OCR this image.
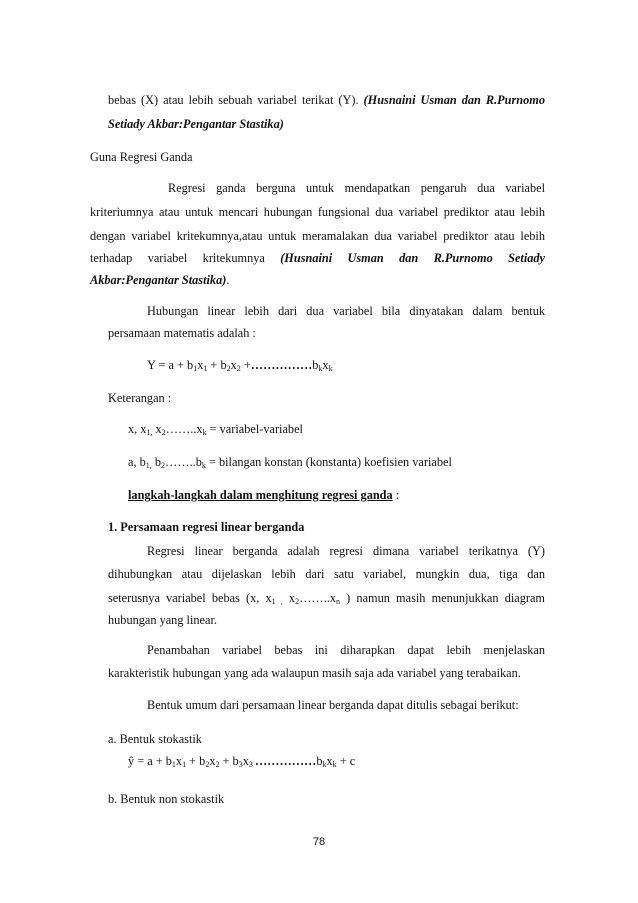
bebas (X) atau lebih sebuah variabel terikat (Y). (Husnaini Usman dan R.Purnomo
Setiady Akbar:Pengantar Stastika)
Guna Regresi Ganda
Regresi ganda berguna untuk mendapatkan pengaruh dua variabel
kriteriumnya atau untuk mencari hubungan fungsional dua variabel prediktor atau lebih
dengan variabel kritekumnya,atau untuk meramalakan dua variabel prediktor atau lebih
terhadap variabel kritekumnya (Husnaini Usman dan R.Purnomo Setiady
Akbar:Pengantar Stastika).
Hubungan linear lebih dari dua variabel bila dinyatakan dalam bentuk
persamaan matematis adalah :
$Y = a + b_1x_1 + b_2x_2$ $+\dots\dots\dots\dots\dots b_kx_k$
Keterangan :
x, $x_{1,}$ $x_2\dots\dots..x_k$ = variabel-variabel
a, $b_{1,}$ $b_2\dots\dots..b_k$ = bilangan konstan (konstanta) koefisien variabel
langkah-langkah dalam menghitung regresi ganda :
1. Persamaan regresi linear berganda
Regresi linear berganda adalah regresi dimana variabel terikatnya (Y)
dihubungkan atau dijelaskan lebih dari satu variabel, mungkin dua, tiga dan
seterusnya variabel bebas (x, $x_{1 ,}$ $x_2\dots\dots..x_n$ ) namun masih menunjukkan diagram
hubungan yang linear.
Penambahan variabel bebas ini diharapkan dapat lebih menjelaskan
karakteristik hubungan yang ada walaupun masih saja ada variabel yang terabaikan.
Bentuk umum dari persamaan linear berganda dapat ditulis sebagai berikut:
a. Bentuk stokastik
ŷ = $a + b_1x_1 + b_2x_2 + b_3x_3$ $\dots\dots\dots\dots\dots b_kx_k + c$
b. Bentuk non stokastik
78
